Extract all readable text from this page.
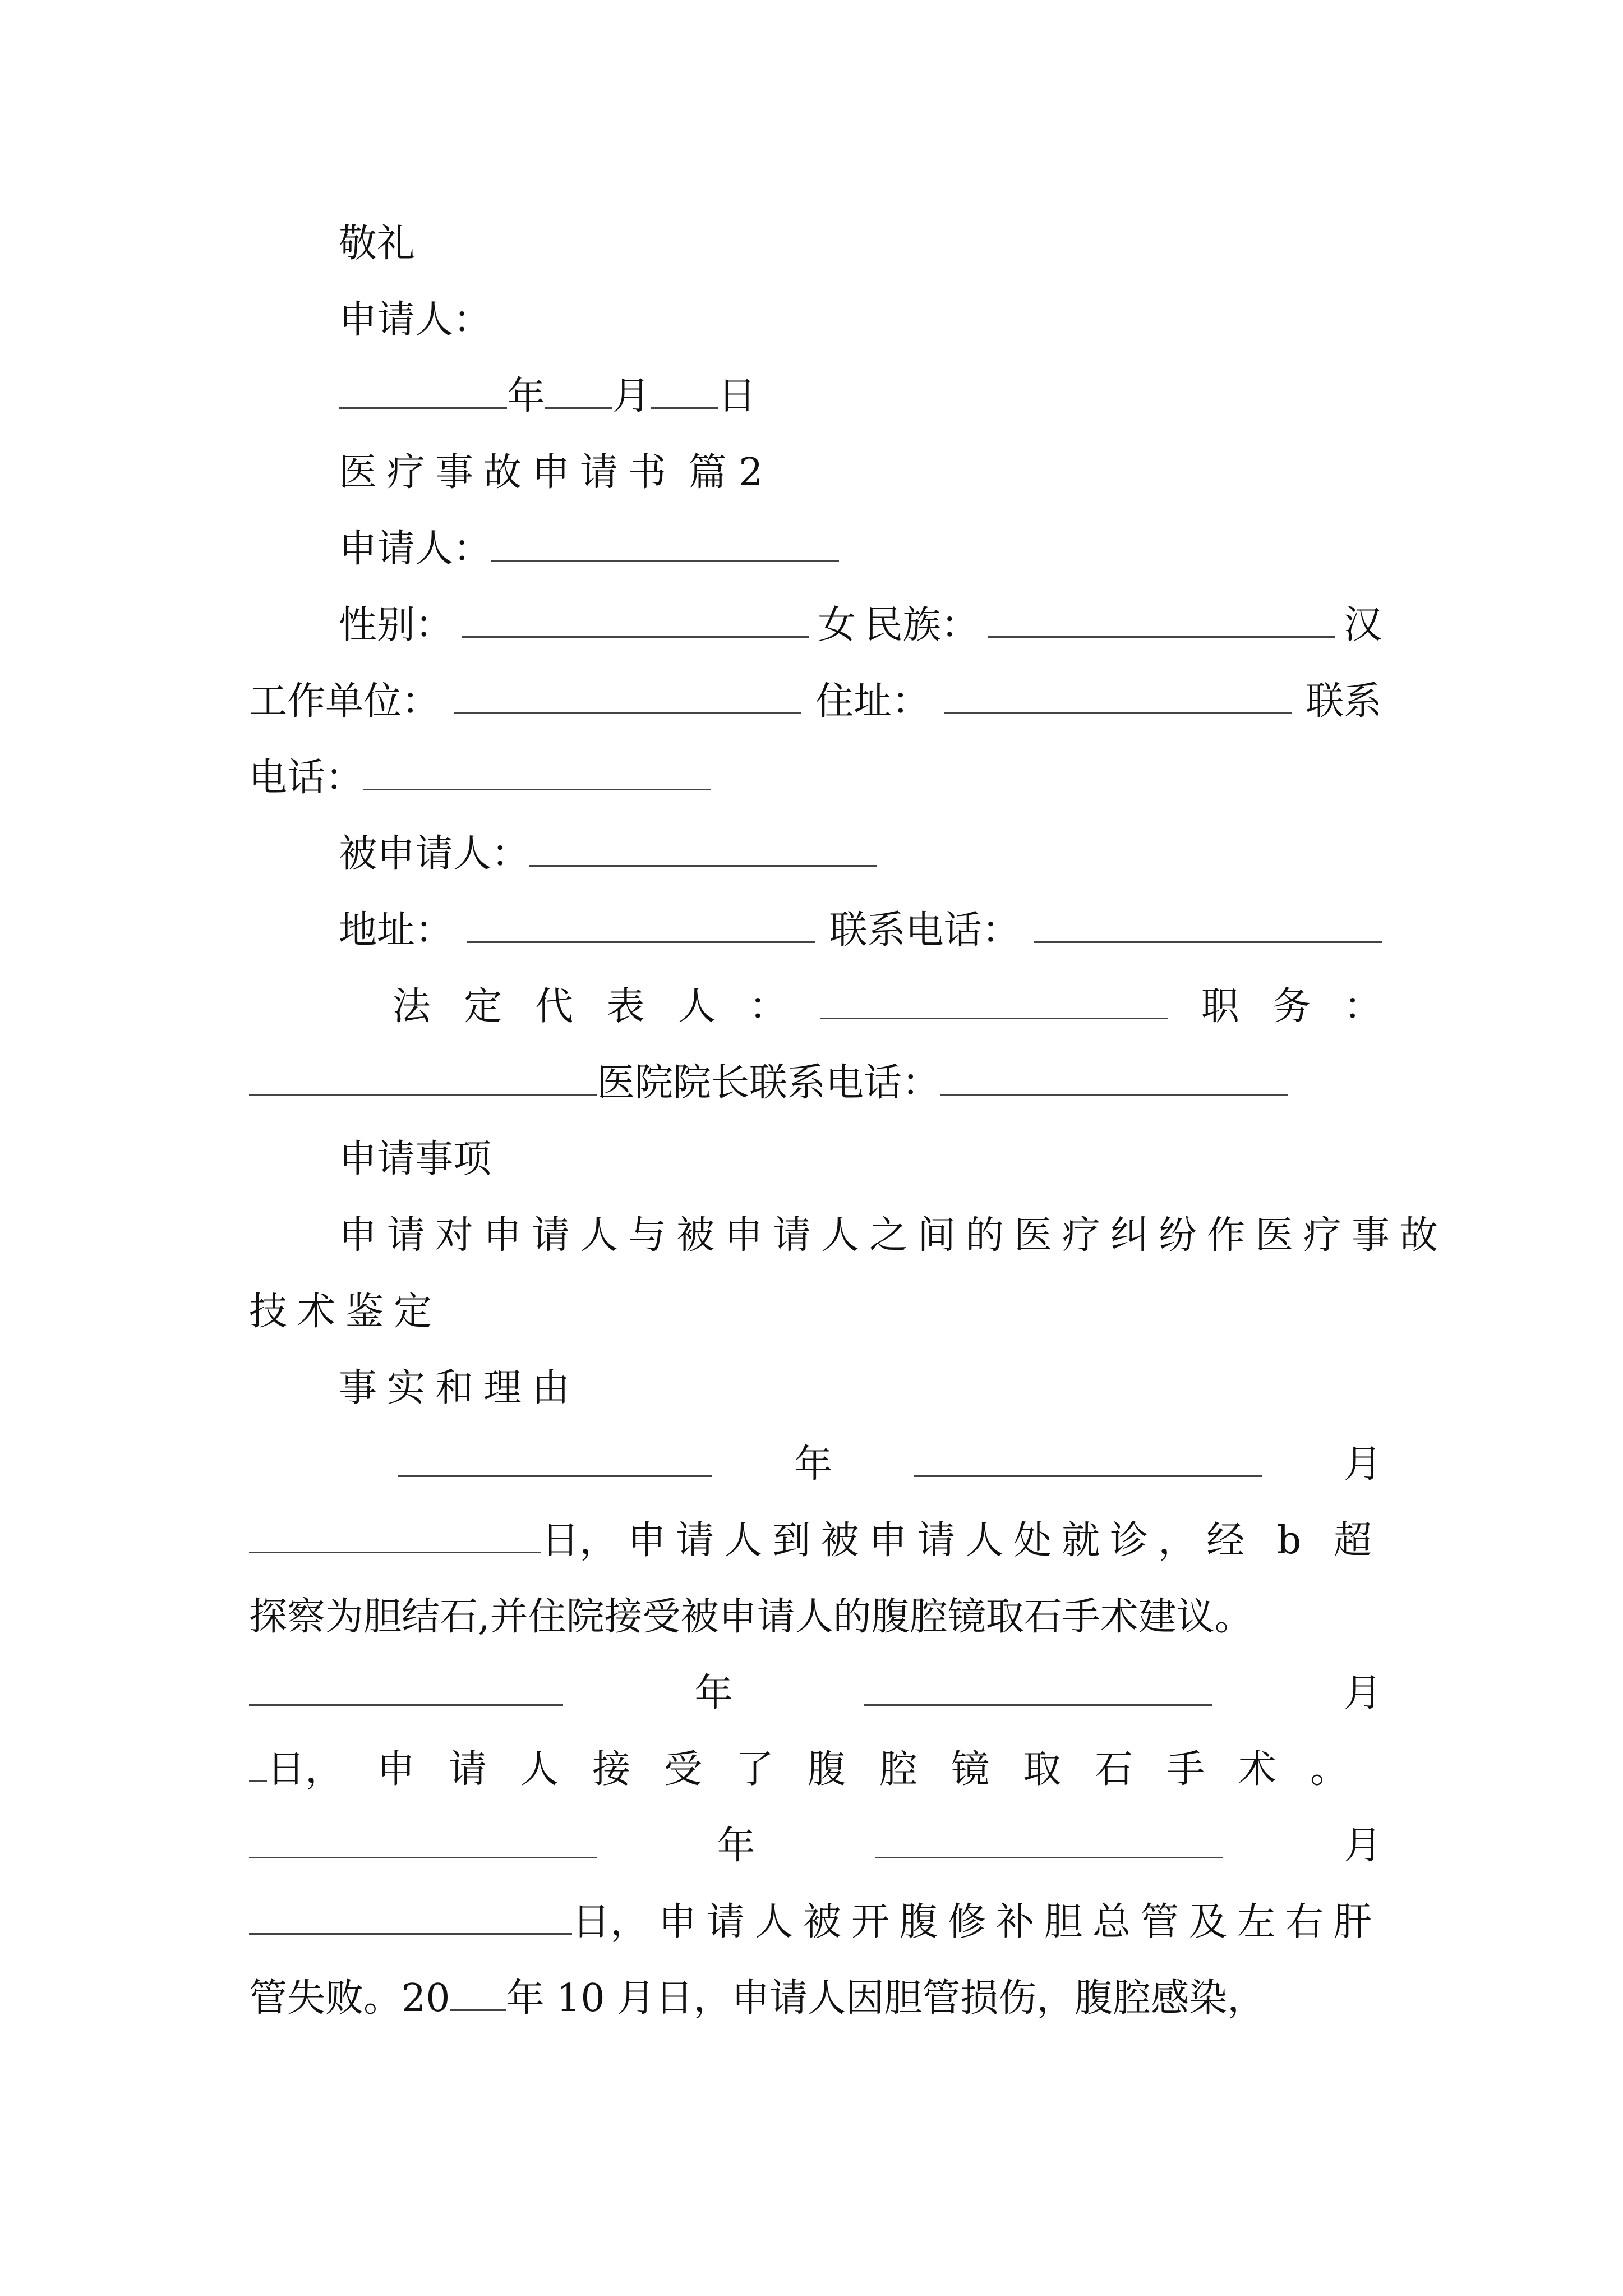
敬礼
申请人：
年 月 日
医疗事故申请书 篇 2
申请人：
性别：	女 民族：	汉
工作单位：	住址：	联系
电话：
被申请人：
地址：	联系电话：
法 定 代 表 人 ：	职 务 ：
医院院长联系电话：
申请事项
申请对申请人与被申请人之间的医疗纠纷作医疗事故
技术鉴定
事实和理由
年	月
日 ，申请人到被申请人处就诊，经 b 超
探察为胆结石,并住院接受被申请人的腹腔镜取石手术建议。
年	月
日 ，申请人接受了腹腔镜取石手术。
年	月
日 ，申请人被开腹修补胆总管及左右肝
管失败。20 年 10 月日，申请人因胆管损伤，腹腔感染，
